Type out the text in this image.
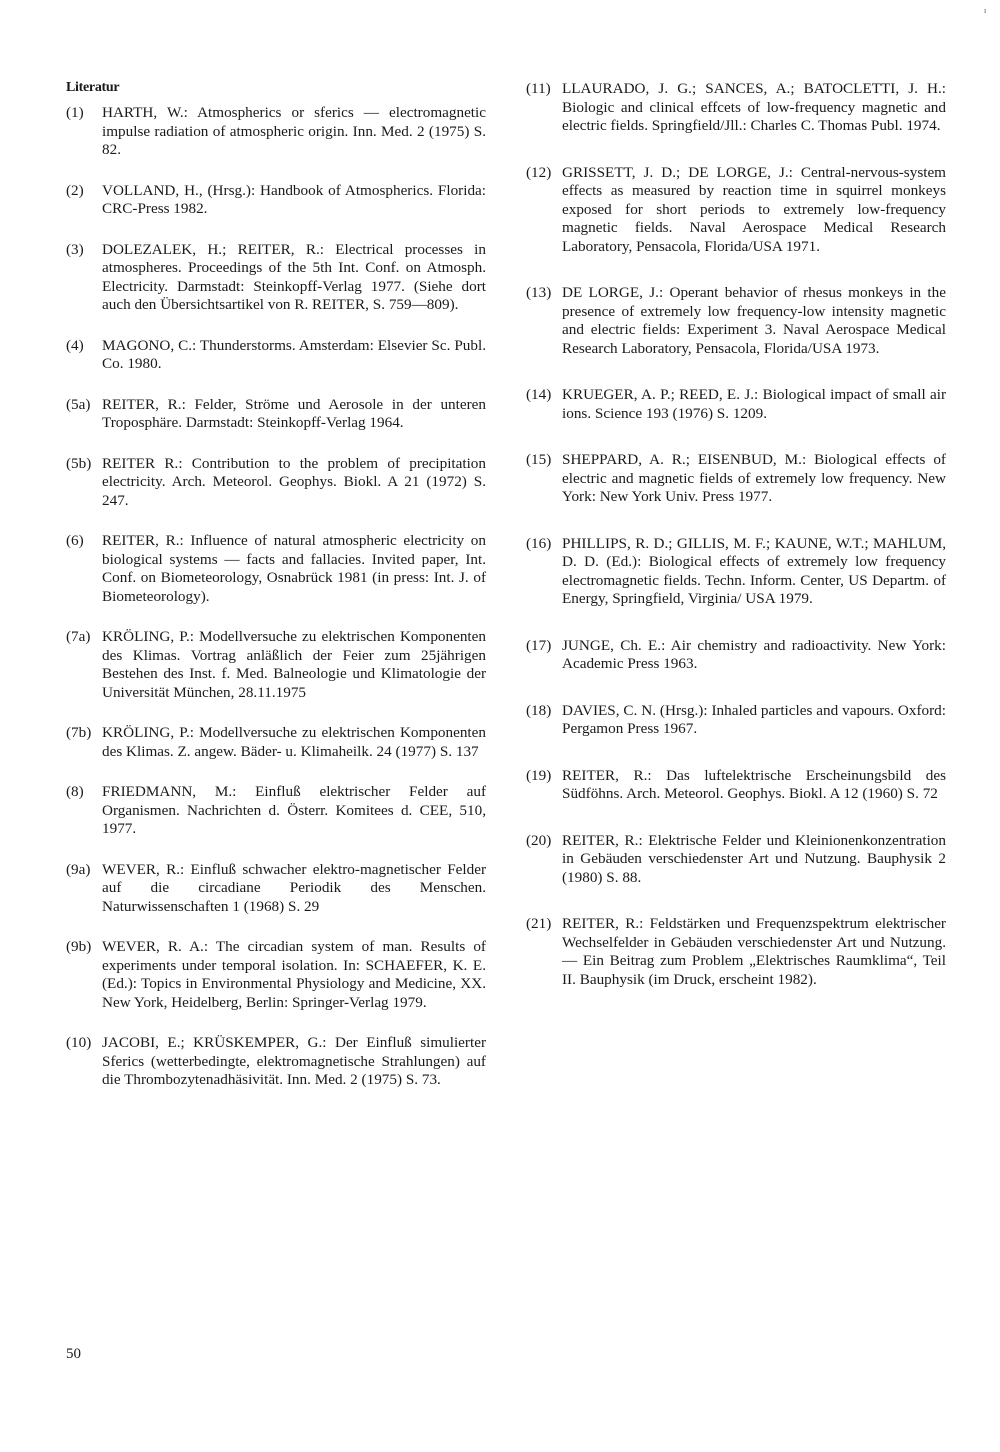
ı
Literatur
(1) HARTH, W.: Atmospherics or sferics — electromagnetic impulse radiation of atmospheric origin. Inn. Med. 2 (1975) S. 82.
(2) VOLLAND, H., (Hrsg.): Handbook of Atmospherics. Florida: CRC-Press 1982.
(3) DOLEZALEK, H.; REITER, R.: Electrical processes in atmospheres. Proceedings of the 5th Int. Conf. on Atmosph. Electricity. Darmstadt: Steinkopff-Verlag 1977. (Siehe dort auch den Übersichtsartikel von R. REITER, S. 759—809).
(4) MAGONO, C.: Thunderstorms. Amsterdam: Elsevier Sc. Publ. Co. 1980.
(5a) REITER, R.: Felder, Ströme und Aerosole in der unteren Troposphäre. Darmstadt: Steinkopff-Verlag 1964.
(5b) REITER R.: Contribution to the problem of precipitation electricity. Arch. Meteorol. Geophys. Biokl. A 21 (1972) S. 247.
(6) REITER, R.: Influence of natural atmospheric electricity on biological systems — facts and fallacies. Invited paper, Int. Conf. on Biometeorology, Osnabrück 1981 (in press: Int. J. of Biometeorology).
(7a) KRÖLING, P.: Modellversuche zu elektrischen Komponenten des Klimas. Vortrag anläßlich der Feier zum 25jährigen Bestehen des Inst. f. Med. Balneologie und Klimatologie der Universität München, 28.11.1975
(7b) KRÖLING, P.: Modellversuche zu elektrischen Komponenten des Klimas. Z. angew. Bäder- u. Klimaheilk. 24 (1977) S. 137
(8) FRIEDMANN, M.: Einfluß elektrischer Felder auf Organismen. Nachrichten d. Österr. Komitees d. CEE, 510, 1977.
(9a) WEVER, R.: Einfluß schwacher elektro-magnetischer Felder auf die circadiane Periodik des Menschen. Naturwissenschaften 1 (1968) S. 29
(9b) WEVER, R. A.: The circadian system of man. Results of experiments under temporal isolation. In: SCHAEFER, K. E. (Ed.): Topics in Environmental Physiology and Medicine, XX. New York, Heidelberg, Berlin: Springer-Verlag 1979.
(10) JACOBI, E.; KRÜSKEMPER, G.: Der Einfluß simulierter Sferics (wetterbedingte, elektromagnetische Strahlungen) auf die Thrombozytenadhäsivität. Inn. Med. 2 (1975) S. 73.
(11) LLAURADO, J. G.; SANCES, A.; BATOCLETTI, J. H.: Biologic and clinical effcets of low-frequency magnetic and electric fields. Springfield/Jll.: Charles C. Thomas Publ. 1974.
(12) GRISSETT, J. D.; DE LORGE, J.: Central-nervous-system effects as measured by reaction time in squirrel monkeys exposed for short periods to extremely low-frequency magnetic fields. Naval Aerospace Medical Research Laboratory, Pensacola, Florida/USA 1971.
(13) DE LORGE, J.: Operant behavior of rhesus monkeys in the presence of extremely low frequency-low intensity magnetic and electric fields: Experiment 3. Naval Aerospace Medical Research Laboratory, Pensacola, Florida/USA 1973.
(14) KRUEGER, A. P.; REED, E. J.: Biological impact of small air ions. Science 193 (1976) S. 1209.
(15) SHEPPARD, A. R.; EISENBUD, M.: Biological effects of electric and magnetic fields of extremely low frequency. New York: New York Univ. Press 1977.
(16) PHILLIPS, R. D.; GILLIS, M. F.; KAUNE, W.T.; MAHLUM, D. D. (Ed.): Biological effects of extremely low frequency electromagnetic fields. Techn. Inform. Center, US Departm. of Energy, Springfield, Virginia/ USA 1979.
(17) JUNGE, Ch. E.: Air chemistry and radioactivity. New York: Academic Press 1963.
(18) DAVIES, C. N. (Hrsg.): Inhaled particles and vapours. Oxford: Pergamon Press 1967.
(19) REITER, R.: Das luftelektrische Erscheinungsbild des Südföhns. Arch. Meteorol. Geophys. Biokl. A 12 (1960) S. 72
(20) REITER, R.: Elektrische Felder und Kleinionenkonzentration in Gebäuden verschiedenster Art und Nutzung. Bauphysik 2 (1980) S. 88.
(21) REITER, R.: Feldstärken und Frequenzspektrum elektrischer Wechselfelder in Gebäuden verschiedenster Art und Nutzung. — Ein Beitrag zum Problem „Elektrisches Raumklima“, Teil II. Bauphysik (im Druck, erscheint 1982).
50
